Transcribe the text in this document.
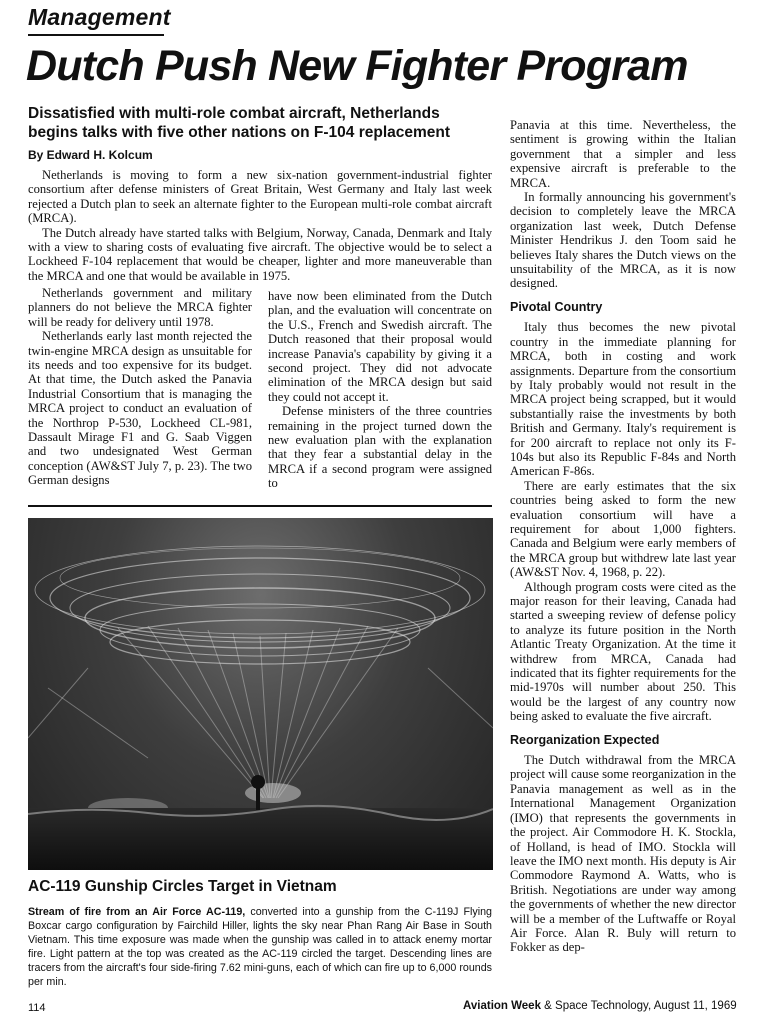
Management
Dutch Push New Fighter Program
Dissatisfied with multi-role combat aircraft, Netherlands begins talks with five other nations on F-104 replacement
By Edward H. Kolcum

Netherlands is moving to form a new six-nation government-industrial fighter consortium after defense ministers of Great Britain, West Germany and Italy last week rejected a Dutch plan to seek an alternate fighter to the European multi-role combat aircraft (MRCA).

The Dutch already have started talks with Belgium, Norway, Canada, Denmark and Italy with a view to sharing costs of evaluating five aircraft. The objective would be to select a Lockheed F-104 replacement that would be cheaper, lighter and more maneuverable than the MRCA and one that would be available in 1975.

Netherlands government and military planners do not believe the MRCA fighter will be ready for delivery until 1978.

Netherlands early last month rejected the twin-engine MRCA design as unsuitable for its needs and too expensive for its budget. At that time, the Dutch asked the Panavia Industrial Consortium that is managing the MRCA project to conduct an evaluation of the Northrop P-530, Lockheed CL-981, Dassault Mirage F1 and G. Saab Viggen and two undesignated West German conception (AW&ST July 7, p. 23). The two German designs

have now been eliminated from the Dutch plan, and the evaluation will concentrate on the U.S., French and Swedish aircraft. The Dutch reasoned that their proposal would increase Panavia's capability by giving it a second project. They did not advocate elimination of the MRCA design but said they could not accept it.

Defense ministers of the three countries remaining in the project turned down the new evaluation plan with the explanation that they fear a substantial delay in the MRCA if a second program were assigned to

Panavia at this time. Nevertheless, the sentiment is growing within the Italian government that a simpler and less expensive aircraft is preferable to the MRCA.

In formally announcing his government's decision to completely leave the MRCA organization last week, Dutch Defense Minister Hendrikus J. den Toom said he believes Italy shares the Dutch views on the unsuitability of the MRCA, as it is now designed.

Pivotal Country

Italy thus becomes the new pivotal country in the immediate planning for MRCA, both in costing and work assignments. Departure from the consortium by Italy probably would not result in the MRCA project being scrapped, but it would substantially raise the investments by both British and Germany. Italy's requirement is for 200 aircraft to replace not only its F-104s but also its Republic F-84s and North American F-86s.

There are early estimates that the six countries being asked to form the new evaluation consortium will have a requirement for about 1,000 fighters. Canada and Belgium were early members of the MRCA group but withdrew late last year (AW&ST Nov. 4, 1968, p. 22).

Although program costs were cited as the major reason for their leaving, Canada had started a sweeping review of defense policy to analyze its future position in the North Atlantic Treaty Organization. At the time it withdrew from MRCA, Canada had indicated that its fighter requirements for the mid-1970s will number about 250. This would be the largest of any country now being asked to evaluate the five aircraft.

Reorganization Expected

The Dutch withdrawal from the MRCA project will cause some reorganization in the Panavia management as well as in the International Management Organization (IMO) that represents the governments in the project. Air Commodore H. K. Stockla, of Holland, is head of IMO. Stockla will leave the IMO next month. His deputy is Air Commodore Raymond A. Watts, who is British. Negotiations are under way among the governments of whether the new director will be a member of the Luftwaffe or Royal Air Force. Alan R. Buly will return to Fokker as dep-

AC-119 Gunship Circles Target in Vietnam
Stream of fire from an Air Force AC-119, converted into a gunship from the C-119J Flying Boxcar cargo configuration by Fairchild Hiller, lights the sky near Phan Rang Air Base in South Vietnam. This time exposure was made when the gunship was called in to attack enemy mortar fire. Light pattern at the top was created as the AC-119 circled the target. Descending lines are tracers from the aircraft's four side-firing 7.62 mini-guns, each of which can fire up to 6,000 rounds per min.
114	Aviation Week & Space Technology, August 11, 1969
